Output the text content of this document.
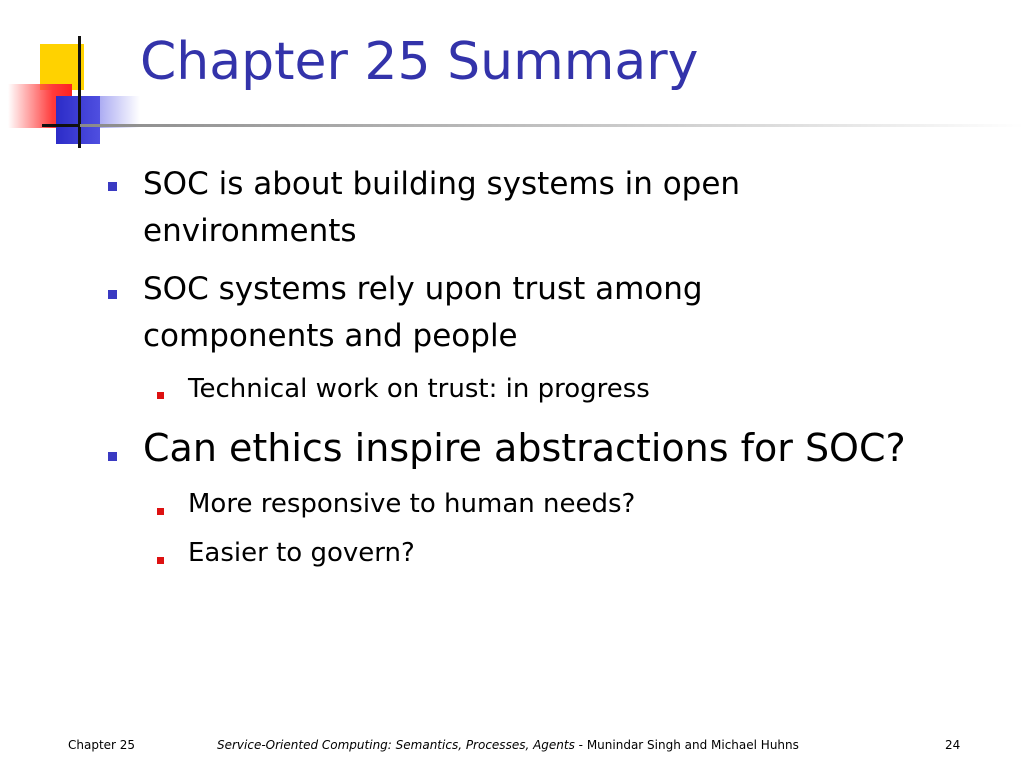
Chapter 25 Summary
SOC is about building systems in open
environments
SOC systems rely upon trust among
components and people
Technical work on trust: in progress
Can ethics inspire abstractions for SOC?
More responsive to human needs?
Easier to govern?
Chapter 25	Service-Oriented Computing: Semantics, Processes, Agents - Munindar Singh and Michael Huhns	24
